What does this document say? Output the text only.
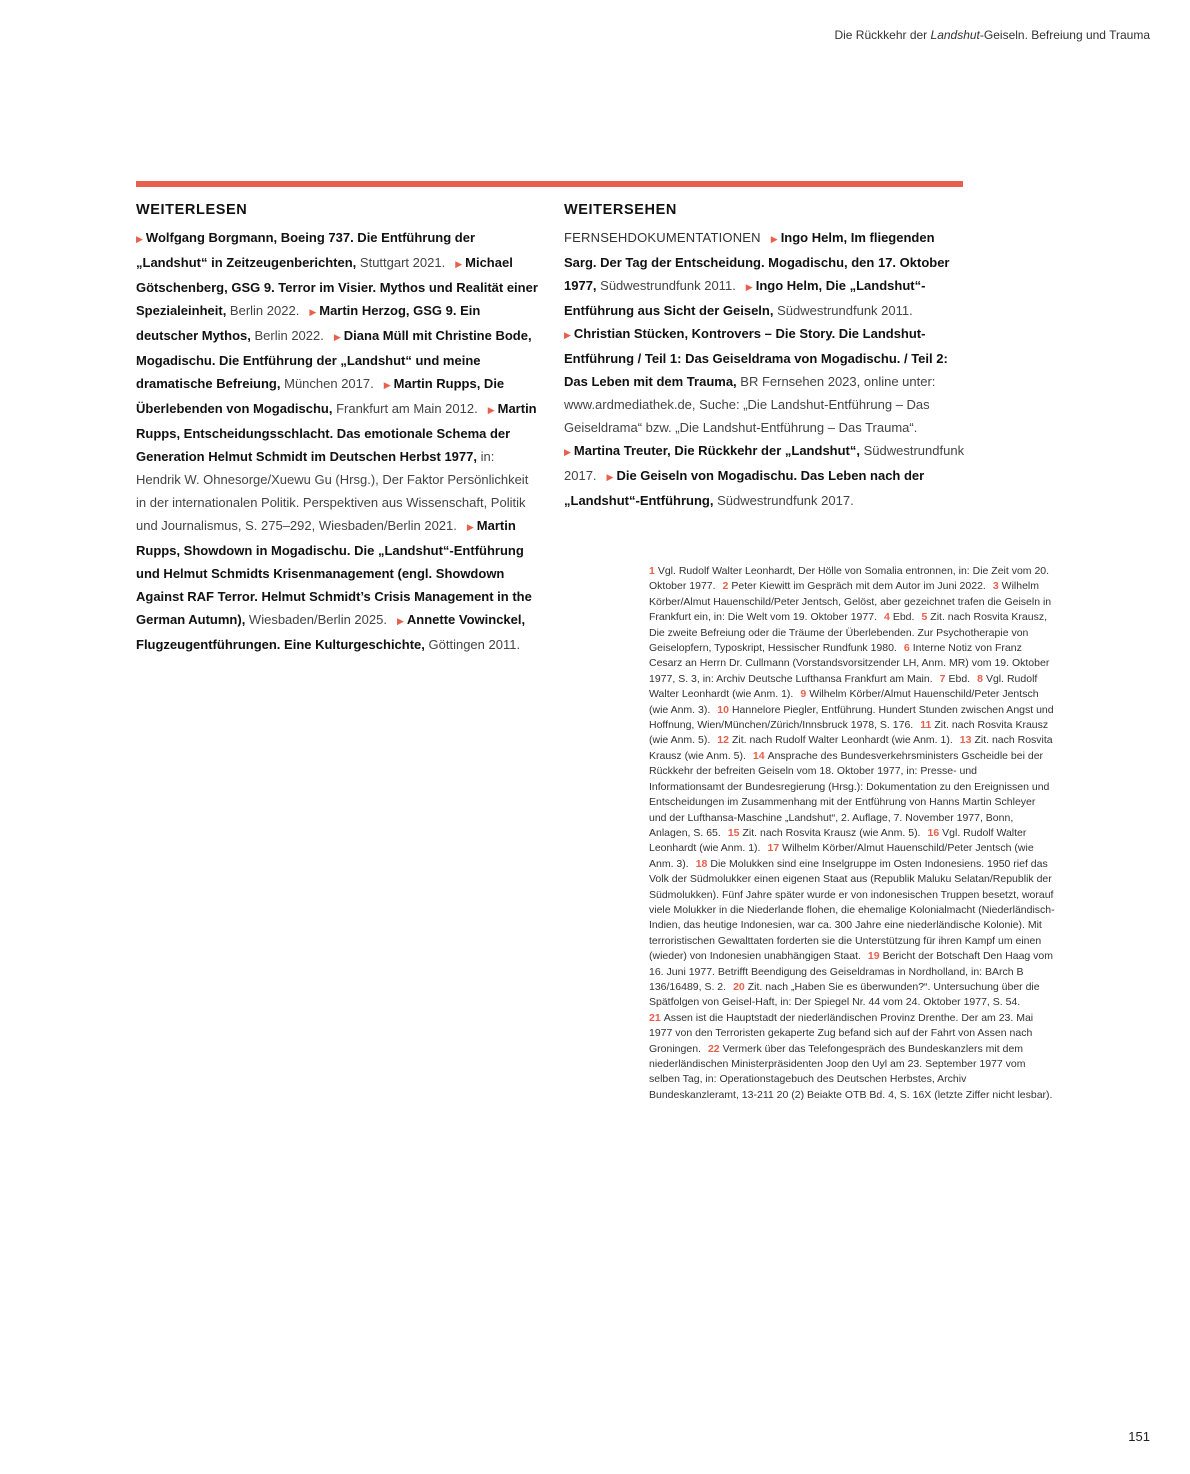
Die Rückkehr der Landshut-Geiseln. Befreiung und Trauma
WEITERLESEN

▶ Wolfgang Borgmann, Boeing 737. Die Entführung der „Landshut“ in Zeitzeugenberichten, Stuttgart 2021. ▶ Michael Götschenberg, GSG 9. Terror im Visier. Mythos und Realität einer Spezialeinheit, Berlin 2022. ▶ Martin Herzog, GSG 9. Ein deutscher Mythos, Berlin 2022. ▶ Diana Müll mit Christine Bode, Mogadischu. Die Entführung der „Landshut“ und meine dramatische Befreiung, München 2017. ▶ Martin Rupps, Die Überlebenden von Mogadischu, Frankfurt am Main 2012. ▶ Martin Rupps, Entscheidungsschlacht. Das emotionale Schema der Generation Helmut Schmidt im Deutschen Herbst 1977, in: Hendrik W. Ohnesorge/Xuewu Gu (Hrsg.), Der Faktor Persönlichkeit in der internationalen Politik. Perspektiven aus Wissenschaft, Politik und Journalismus, S. 275–292, Wiesbaden/Berlin 2021. ▶ Martin Rupps, Showdown in Mogadischu. Die „Landshut“-Entführung und Helmut Schmidts Krisenmanagement (engl. Showdown Against RAF Terror. Helmut Schmidt’s Crisis Management in the German Autumn), Wiesbaden/Berlin 2025. ▶ Annette Vowinckel, Flugzeugentführungen. Eine Kulturgeschichte, Göttingen 2011.

WEITERSEHEN

FERNSEHDOKUMENTATIONEN ▶ Ingo Helm, Im fliegenden Sarg. Der Tag der Entscheidung. Mogadischu, den 17. Oktober 1977, Südwestrundfunk 2011. ▶ Ingo Helm, Die „Landshut“-Entführung aus Sicht der Geiseln, Südwestrundfunk 2011.▶ Christian Stücken, Kontrovers – Die Story. Die Landshut-Entführung / Teil 1: Das Geiseldrama von Mogadischu. / Teil 2: Das Leben mit dem Trauma, BR Fernsehen 2023, online unter: www.ardmediathek.de, Suche: „Die Landshut-Entführung – Das Geiseldrama“ bzw. „Die Landshut-Entführung – Das Trauma“.▶ Martina Treuter, Die Rückkehr der „Landshut“, Südwestrundfunk 2017. ▶ Die Geiseln von Mogadischu. Das Leben nach der „Landshut“-Entführung, Südwestrundfunk 2017.

1 Vgl. Rudolf Walter Leonhardt, Der Hölle von Somalia entronnen, in: Die Zeit vom 20. Oktober 1977. 2 Peter Kiewitt im Gespräch mit dem Autor im Juni 2022. 3 Wilhelm Körber/Almut Hauenschild/Peter Jentsch, Gelöst, aber gezeichnet trafen die Geiseln in Frankfurt ein, in: Die Welt vom 19. Oktober 1977. 4 Ebd. 5 Zit. nach Rosvita Krausz, Die zweite Befreiung oder die Träume der Überlebenden. Zur Psychotherapie von Geiselopfern, Typoskript, Hessischer Rundfunk 1980. 6 Interne Notiz von Franz Cesarz an Herrn Dr. Cullmann (Vorstandsvorsitzender LH, Anm. MR) vom 19. Oktober 1977, S. 3, in: Archiv Deutsche Lufthansa Frankfurt am Main. 7 Ebd. 8 Vgl. Rudolf Walter Leonhardt (wie Anm. 1). 9 Wilhelm Körber/Almut Hauenschild/Peter Jentsch (wie Anm. 3). 10 Hannelore Piegler, Entführung. Hundert Stunden zwischen Angst und Hoffnung, Wien/München/Zürich/Innsbruck 1978, S. 176. 11 Zit. nach Rosvita Krausz (wie Anm. 5). 12 Zit. nach Rudolf Walter Leonhardt (wie Anm. 1). 13 Zit. nach Rosvita Krausz (wie Anm. 5). 14 Ansprache des Bundesverkehrsministers Gscheidle bei der Rückkehr der befreiten Geiseln vom 18. Oktober 1977, in: Presse- und Informationsamt der Bundesregierung (Hrsg.): Dokumentation zu den Ereignissen und Entscheidungen im Zusammenhang mit der Entführung von Hanns Martin Schleyer und der Lufthansa-Maschine „Landshut“, 2. Auflage, 7. November 1977, Bonn, Anlagen, S. 65. 15 Zit. nach Rosvita Krausz (wie Anm. 5). 16 Vgl. Rudolf Walter Leonhardt (wie Anm. 1). 17 Wilhelm Körber/Almut Hauenschild/Peter Jentsch (wie Anm. 3). 18 Die Molukken sind eine Inselgruppe im Osten Indonesiens. 1950 rief das Volk der Südmolukker einen eigenen Staat aus (Republik Maluku Selatan/Republik der Südmolukken). Fünf Jahre später wurde er von indonesischen Truppen besetzt, worauf viele Molukker in die Niederlande flohen, die ehemalige Kolonialmacht (Niederländisch-Indien, das heutige Indonesien, war ca. 300 Jahre eine niederländische Kolonie). Mit terroristischen Gewalttaten forderten sie die Unterstützung für ihren Kampf um einen (wieder) von Indonesien unabhängigen Staat. 19 Bericht der Botschaft Den Haag vom 16. Juni 1977. Betrifft Beendigung des Geiseldramas in Nordholland, in: BArch B 136/16489, S. 2. 20 Zit. nach „Haben Sie es überwunden?“. Untersuchung über die Spätfolgen von Geisel-Haft, in: Der Spiegel Nr. 44 vom 24. Oktober 1977, S. 54.21 Assen ist die Hauptstadt der niederländischen Provinz Drenthe. Der am 23. Mai 1977 von den Terroristen gekaperte Zug befand sich auf der Fahrt von Assen nach Groningen. 22 Vermerk über das Telefongespräch des Bundeskanzlers mit dem niederländischen Ministerpräsidenten Joop den Uyl am 23. September 1977 vom selben Tag, in: Operationstagebuch des Deutschen Herbstes, Archiv Bundeskanzleramt, 13-211 20 (2) Beiakte OTB Bd. 4, S. 16X (letzte Ziffer nicht lesbar).
151
